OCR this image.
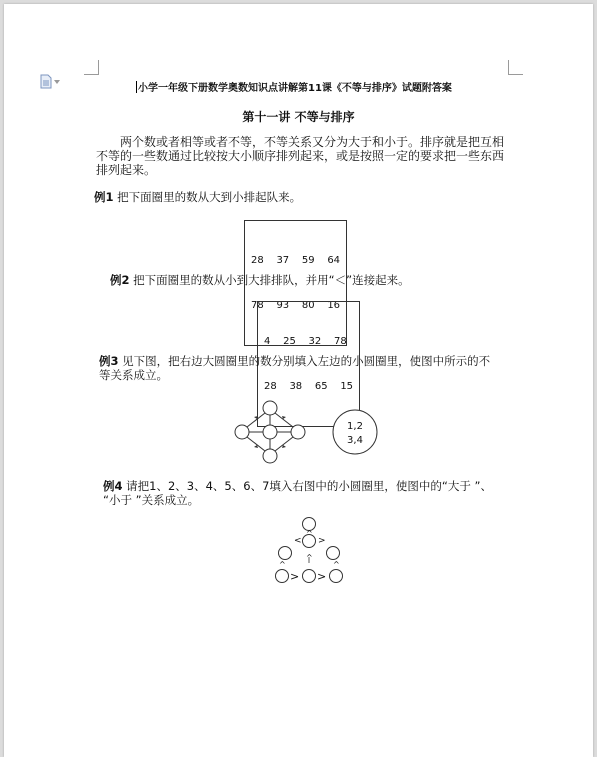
小学一年级下册数学奥数知识点讲解第11课《不等与排序》试题附答案
第十一讲 不等与排序
两个数或者相等或者不等，不等关系又分为大于和小于。排序就是把互相
不等的一些数通过比较按大小顺序排列起来，或是按照一定的要求把一些东西
排列起来。
例1 把下面圈里的数从大到小排起队来。

28    37    59    64

78    93    80    16

例2 把下面圈里的数从小到大排排队，并用“＜”连接起来。

4    25    32    78

28    38    65    15

例3 见下图，把右边大圆圈里的数分别填入左边的小圆圈里，使图中所示的不
等关系成立。
1,2
3,4
例4 请把1、2、3、4、5、6、7填入右图中的小圆圈里，使图中的“大于 ”、
“小于 ”关系成立。
< >
^
^
^
^
> >
